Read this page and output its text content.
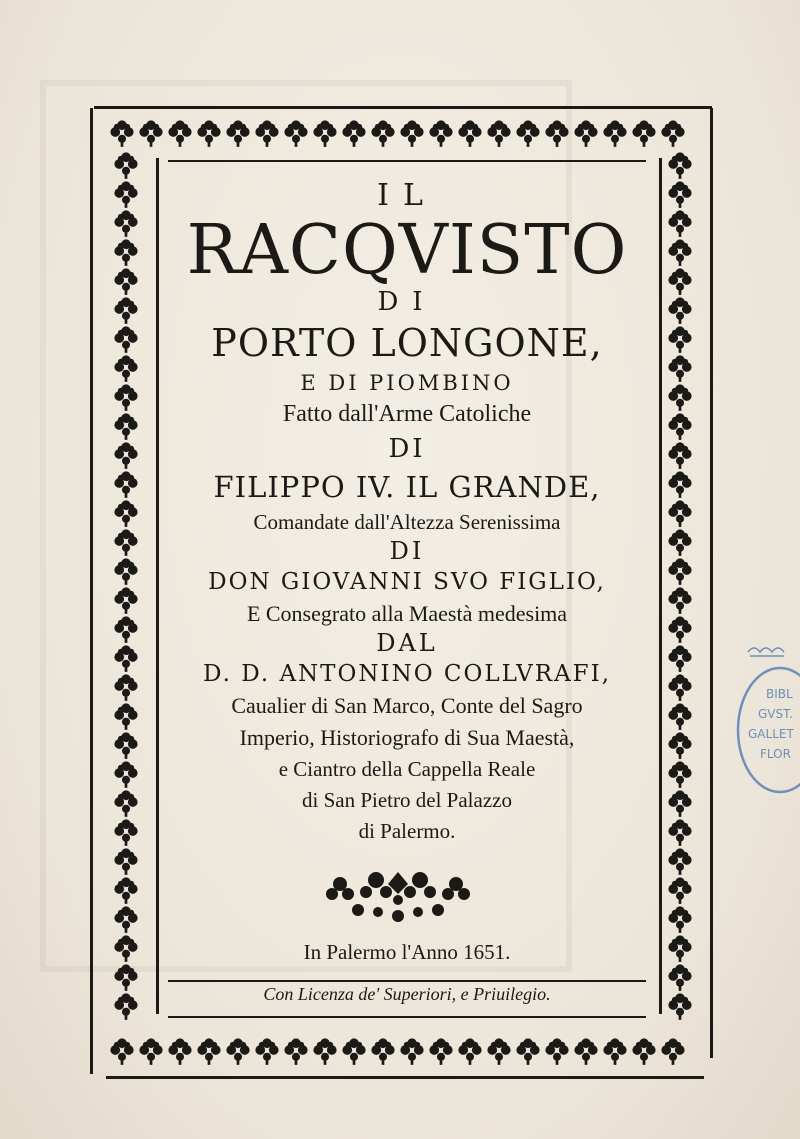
IL
RACQVISTO
DI
PORTO LONGONE,
E DI PIOMBINO
Fatto dall'Arme Catoliche
DI
FILIPPO IV. IL GRANDE,
Comandate dall'Altezza Serenissima
DI
DON GIOVANNI SVO FIGLIO,
E Consegrato alla Maestà medesima
DAL
D. D. ANTONINO COLLVRAFI,
Caualier di San Marco, Conte del Sagro
Imperio, Historiografo di Sua Maestà,
e Ciantro della Cappella Reale
di San Pietro del Palazzo
di Palermo.
In Palermo l'Anno 1651.
Con Licenza de' Superiori, e Priuilegio.
BIBL
GVST.
GALLET
FLOR
